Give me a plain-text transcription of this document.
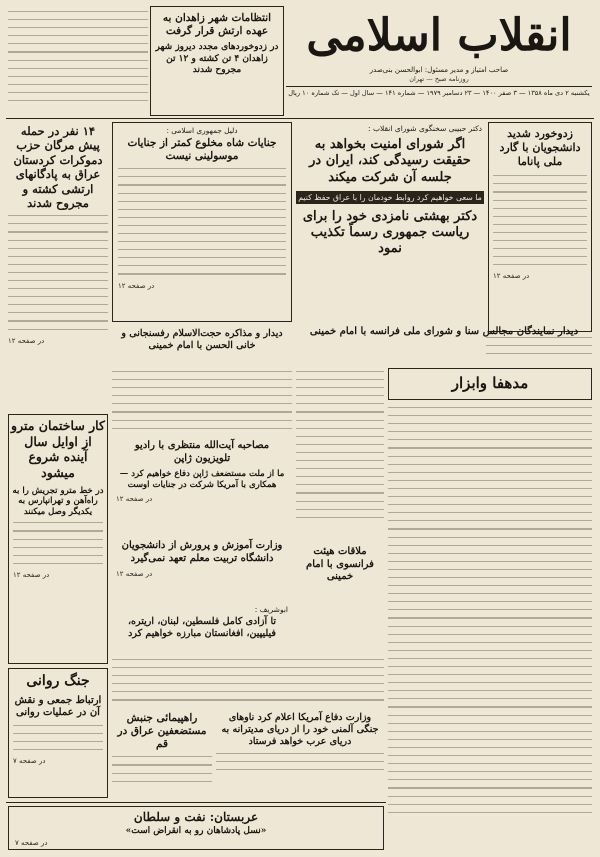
انقلاب اسلامی
صاحب امتیاز و مدیر مسئول: ابوالحسن بنی‌صدر
روزنامه صبح — تهران
یکشنبه ۲ دی ماه ۱۳۵۸ — ۳ صفر ۱۴۰۰ — ۲۳ دسامبر ۱۹۷۹ — شماره ۱۴۱ — سال اول — تک شماره ۱۰ ریال
انتظامات شهر زاهدان به عهده ارتش قرار گرفت
در زدوخوردهای مجدد دیروز شهر زاهدان ۴ تن کشته و ۱۲ تن مجروح شدند
زدوخورد شدید دانشجویان با گارد ملی پاناما
در صفحه ۱۲
دکتر حبیبی سخنگوی شورای انقلاب :
اگر شورای امنیت بخواهد به حقیقت رسیدگی کند، ایران در جلسه آن شرکت میکند
ما سعی خواهیم کرد روابط خودمان را با عراق حفظ کنیم
دکتر بهشتی نامزدی خود را برای ریاست جمهوری رسماً تکذیب نمود
دلیل جمهوری اسلامی :
جنایات شاه مخلوع کمتر از جنایات موسولینی نیست
در صفحه ۱۲
۱۴ نفر در حمله پیش مرگان حزب دموکرات کردستان عراق به پادگانهای ارتشی کشته و مجروح شدند
در صفحه ۱۲
دیدار نمایندگان مجالس سنا و شورای ملی فرانسه با امام خمینی
دیدار و مذاکره حجت‌الاسلام رفسنجانی و خانی الحسن با امام خمینی
مدهفا وابزار
مصاحبه آیت‌الله منتظری با رادیو تلویزیون ژاپن
ما از ملت مستضعف ژاپن دفاع خواهیم کرد — همکاری با آمریکا شرکت در جنایات اوست
در صفحه ۱۲
ملاقات هیئت فرانسوی با امام خمینی
کار ساختمان مترو از اوایل سال آینده شروع میشود
در خط مترو تجریش را به راه‌آهن و تهرانپارس به یکدیگر وصل میکنند
در صفحه ۱۲
وزارت آموزش و پرورش از دانشجویان دانشگاه تربیت معلم تعهد نمی‌گیرد
در صفحه ۱۲
ابوشریف :
تا آزادی کامل فلسطین، لبنان، اریتره، فیلیپین، افغانستان مبارزه خواهیم کرد
جنگ روانی
ارتباط جمعی و نقش آن در عملیات روانی
در صفحه ۷
راهپیمائی جنبش مستضعفین عراق در قم
وزارت دفاع آمریکا اعلام کرد ناوهای جنگی آلمنی خود را از دریای مدیترانه به دریای عرب خواهد فرستاد
عربستان: نفت و سلطان
«نسل پادشاهان رو به انقراض است»
در صفحه ۷
